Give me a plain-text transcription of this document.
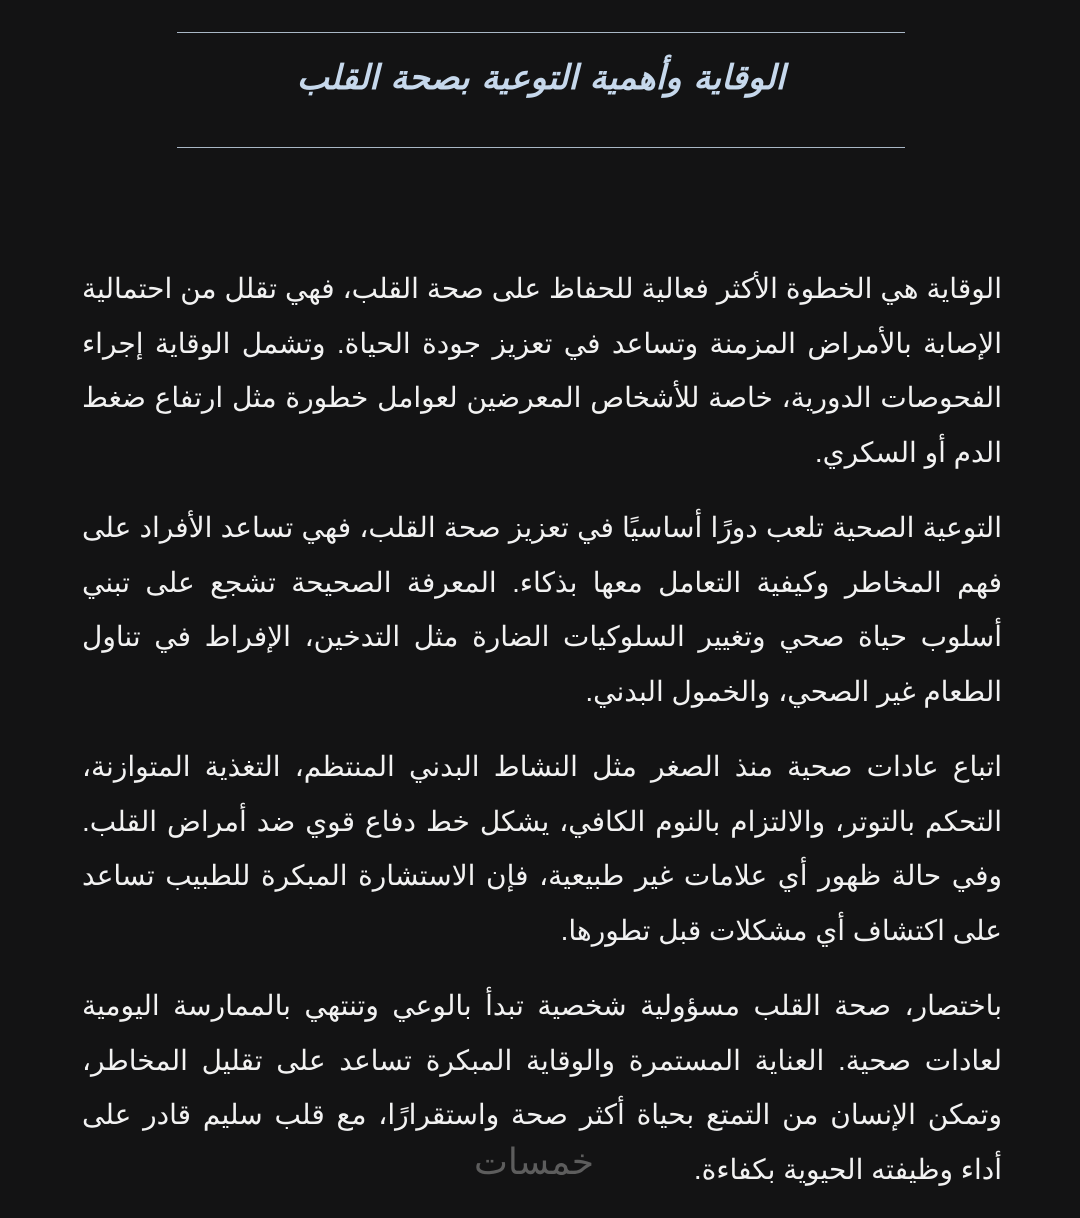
الوقاية وأهمية التوعية بصحة القلب

الوقاية هي الخطوة الأكثر فعالية للحفاظ على صحة القلب، فهي تقلل من احتمالية الإصابة بالأمراض المزمنة وتساعد في تعزيز جودة الحياة. وتشمل الوقاية إجراء الفحوصات الدورية، خاصة للأشخاص المعرضين لعوامل خطورة مثل ارتفاع ضغط الدم أو السكري.

التوعية الصحية تلعب دورًا أساسيًا في تعزيز صحة القلب، فهي تساعد الأفراد على فهم المخاطر وكيفية التعامل معها بذكاء. المعرفة الصحيحة تشجع على تبني أسلوب حياة صحي وتغيير السلوكيات الضارة مثل التدخين، الإفراط في تناول الطعام غير الصحي، والخمول البدني.

اتباع عادات صحية منذ الصغر مثل النشاط البدني المنتظم، التغذية المتوازنة، التحكم بالتوتر، والالتزام بالنوم الكافي، يشكل خط دفاع قوي ضد أمراض القلب. وفي حالة ظهور أي علامات غير طبيعية، فإن الاستشارة المبكرة للطبيب تساعد على اكتشاف أي مشكلات قبل تطورها.

باختصار، صحة القلب مسؤولية شخصية تبدأ بالوعي وتنتهي بالممارسة اليومية لعادات صحية. العناية المستمرة والوقاية المبكرة تساعد على تقليل المخاطر، وتمكن الإنسان من التمتع بحياة أكثر صحة واستقرارًا، مع قلب سليم قادر على أداء وظيفته الحيوية بكفاءة.

خمسات
